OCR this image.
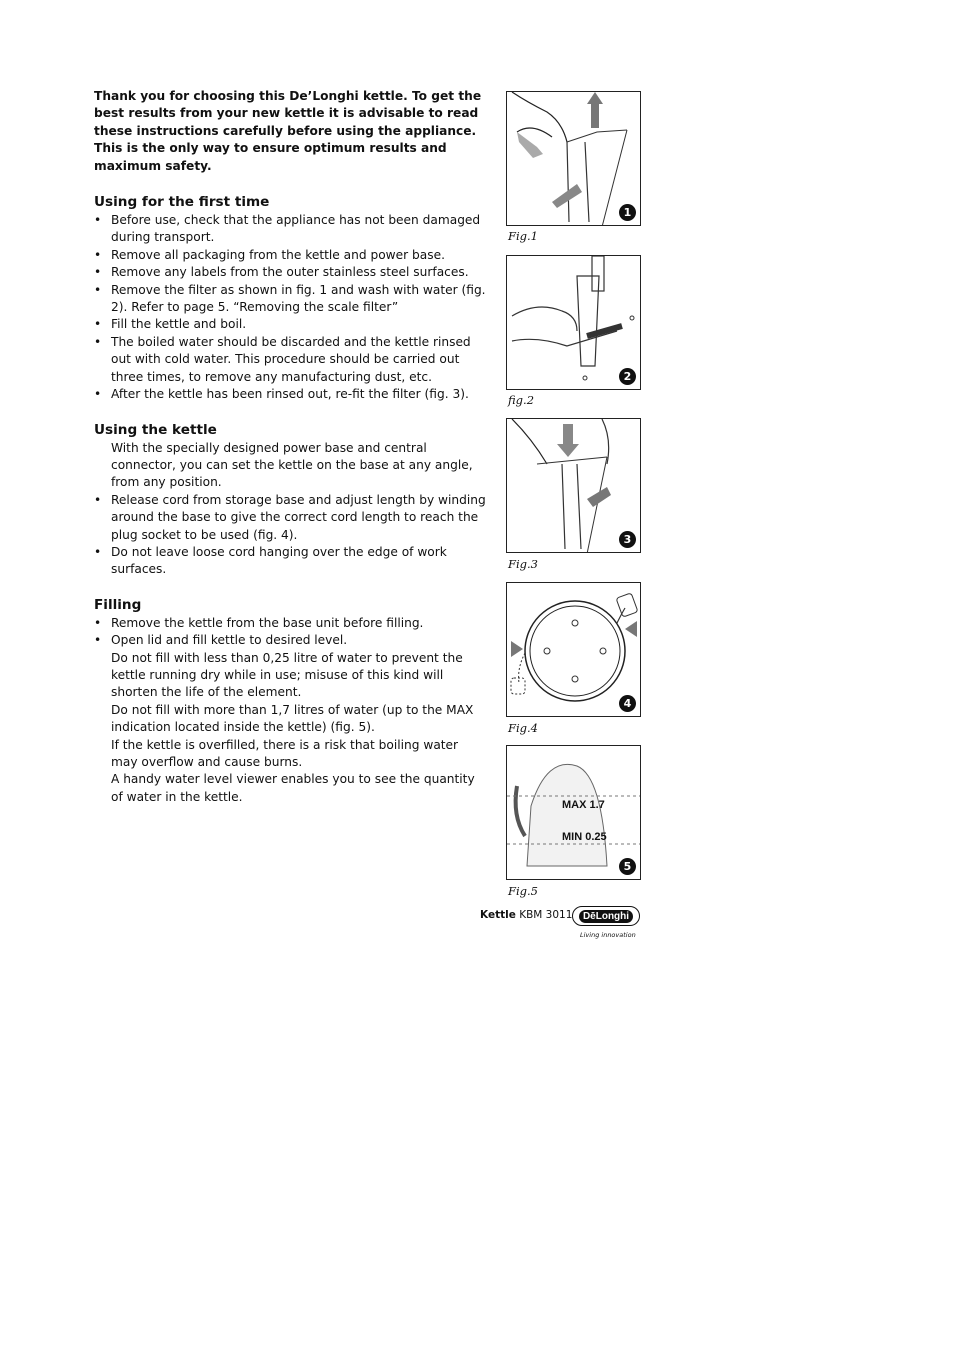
Thank you for choosing this De’Longhi kettle. To get the best results from your new kettle it is advisable to read these instructions carefully before using the appliance. This is the only way to ensure optimum results and maximum safety.

Using for the first time
• Before use, check that the appliance has not been damaged during transport.
• Remove all packaging from the kettle and power base.
• Remove any labels from the outer stainless steel surfaces.
• Remove the filter as shown in fig. 1 and wash with water (fig. 2). Refer to page 5. “Removing the scale filter”
• Fill the kettle and boil.
• The boiled water should be discarded and the kettle rinsed out with cold water. This procedure should be carried out three times, to remove any manufacturing dust, etc.
• After the kettle has been rinsed out, re-fit the filter (fig. 3).
Using the kettle
With the specially designed power base and central connector, you can set the kettle on the base at any angle, from any position.
• Release cord from storage base and adjust length by winding around the base to give the correct cord length to reach the plug socket to be used (fig. 4).
• Do not leave loose cord hanging over the edge of work surfaces.
Filling
• Remove the kettle from the base unit before filling.
• Open lid and fill kettle to desired level.
Do not fill with less than 0,25 litre of water to prevent the kettle running dry while in use; misuse of this kind will shorten the life of the element.
Do not fill with more than 1,7 litres of water (up to the MAX indication located inside the kettle) (fig. 5).
If the kettle is overfilled, there is a risk that boiling water may overflow and cause burns.
A handy water level viewer enables you to see the quantity of water in the kettle.
1
Fig.1
2
fig.2
3
Fig.3
4
Fig.4
MAX 1.7
MIN 0.25
5
Fig.5
Kettle KBM 3011	DēLonghi
Living innovation
